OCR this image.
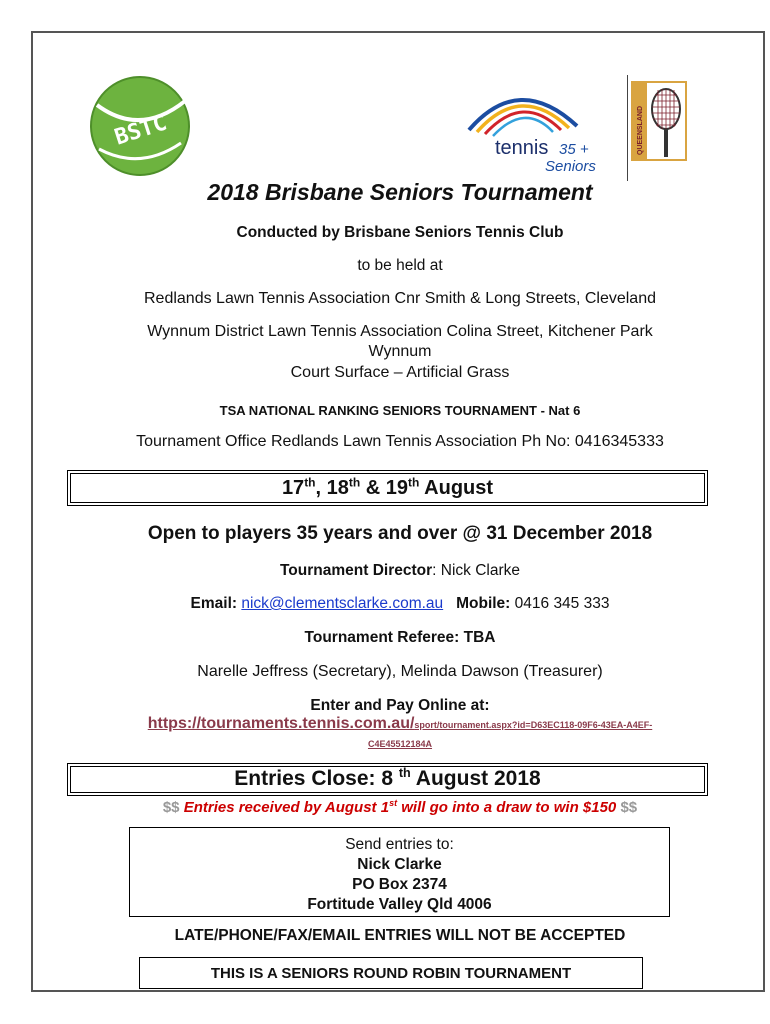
BSTC	tennis 35 +
Seniors
QUEENSLAND
2018 Brisbane Seniors Tournament
Conducted by Brisbane Seniors Tennis Club
to be held at
Redlands Lawn Tennis Association Cnr Smith & Long Streets, Cleveland
Wynnum District Lawn Tennis Association Colina Street, Kitchener Park
Wynnum
Court Surface – Artificial Grass
TSA NATIONAL RANKING SENIORS TOURNAMENT - Nat 6
Tournament Office Redlands Lawn Tennis Association Ph No: 0416345333
17th, 18th & 19th August
Open to players 35 years and over @ 31 December 2018
Tournament Director: Nick Clarke
Email: nick@clementsclarke.com.au Mobile: 0416 345 333
Tournament Referee: TBA
Narelle Jeffress (Secretary), Melinda Dawson (Treasurer)
Enter and Pay Online at:
https://tournaments.tennis.com.au/sport/tournament.aspx?id=D63EC118-09F6-43EA-A4EF-
C4E45512184A
Entries Close: 8 $^{th}$ August 2018
$$ Entries received by August 1st will go into a draw to win $150 $$
Send entries to:
Nick Clarke
PO Box 2374
Fortitude Valley Qld 4006
LATE/PHONE/FAX/EMAIL ENTRIES WILL NOT BE ACCEPTED
THIS IS A SENIORS ROUND ROBIN TOURNAMENT
